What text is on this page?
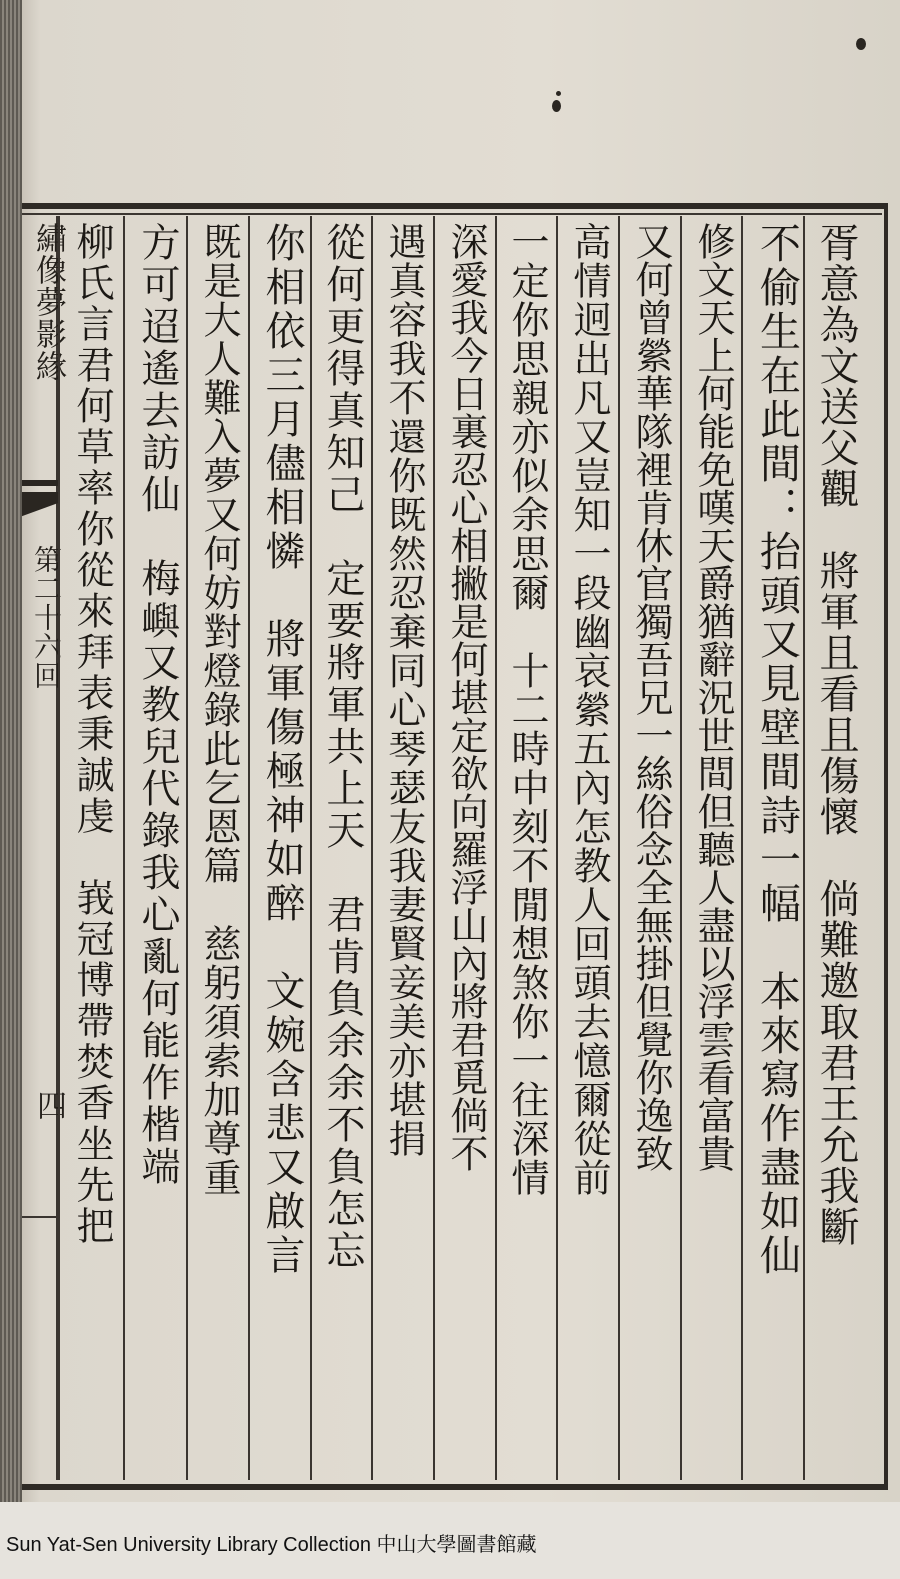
繡像夢影緣
第二十六回
四	胥意為文送父觀　將軍且看且傷懷　倘難邀取君王允我斷
不偷生在此間：抬頭又見壁間詩一幅　本來寫作盡如仙
修文天上何能免嘆天爵猶辭況世間但聽人盡以浮雲看富貴
又何曾縈華隊裡肯休官獨吾兄一絲俗念全無掛但覺你逸致
高情迥出凡又豈知一段幽哀縈五內怎教人回頭去憶爾從前
一定你思親亦似余思爾　十二時中刻不閒想煞你一往深情
深愛我今日裏忍心相撇是何堪定欲向羅浮山內將君覓倘不
遇真容我不還你既然忍棄同心琴瑟友我妻賢妾美亦堪捐
從何更得真知己　定要將軍共上天　君肯負余余不負怎忘
你相依三月儘相憐　將軍傷極神如醉　文婉含悲又啟言
既是大人難入夢又何妨對燈錄此乞恩篇　慈躬須索加尊重
方可迢遙去訪仙　梅嶼又教兒代錄我心亂何能作楷端
柳氏言君何草率你從來拜表秉誠虔　峩冠博帶焚香坐先把
Sun Yat-Sen University Library Collection 中山大學圖書館藏
